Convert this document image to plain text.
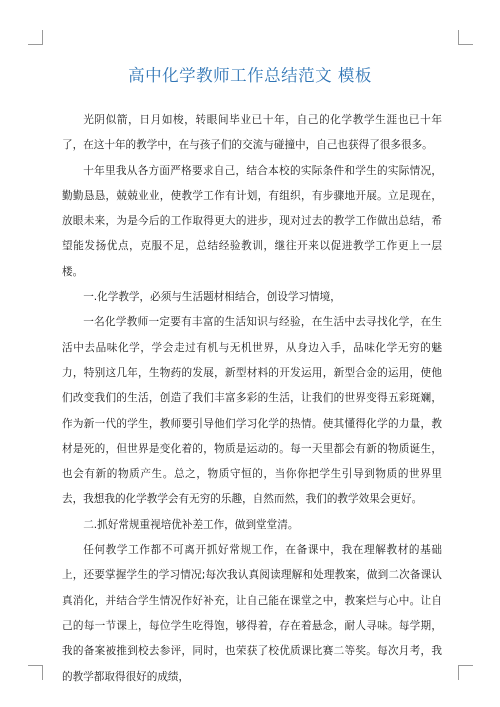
高中化学教师工作总结范文 模板

光阴似箭，日月如梭，转眼间毕业已十年，自己的化学教学生涯也已十年了，在这十年的教学中，在与孩子们的交流与碰撞中，自己也获得了很多很多。

十年里我从各方面严格要求自己，结合本校的实际条件和学生的实际情况，勤勤恳恳，兢兢业业，使教学工作有计划，有组织，有步骤地开展。立足现在，放眼未来，为是今后的工作取得更大的进步，现对过去的教学工作做出总结，希望能发扬优点，克服不足，总结经验教训，继往开来以促进教学工作更上一层楼。

一.化学教学，必须与生活题材相结合，创设学习情境，

一名化学教师一定要有丰富的生活知识与经验，在生活中去寻找化学，在生活中去品味化学，学会走过有机与无机世界，从身边入手，品味化学无穷的魅力，特别这几年，生物药的发展，新型材料的开发运用，新型合金的运用，使他们改变我们的生活，创造了我们丰富多彩的生活，让我们的世界变得五彩斑斓，作为新一代的学生，教师要引导他们学习化学的热情。使其懂得化学的力量，教材是死的，但世界是变化着的，物质是运动的。每一天里都会有新的物质诞生，也会有新的物质产生。总之，物质守恒的，当你你把学生引导到物质的世界里去，我想我的化学教学会有无穷的乐趣，自然而然，我们的教学效果会更好。

二.抓好常规重视培优补差工作，做到堂堂清。

任何教学工作都不可离开抓好常规工作，在备课中，我在理解教材的基础上，还要掌握学生的学习情况;每次我认真阅读理解和处理教案，做到二次备课认真消化，并结合学生情况作好补充，让自己能在课堂之中，教案烂与心中。让自己的每一节课上，每位学生吃得饱，够得着，存在着悬念，耐人寻味。每学期，我的备案被推到校去参评，同时，也荣获了校优质课比赛二等奖。每次月考，我的教学都取得很好的成绩，
